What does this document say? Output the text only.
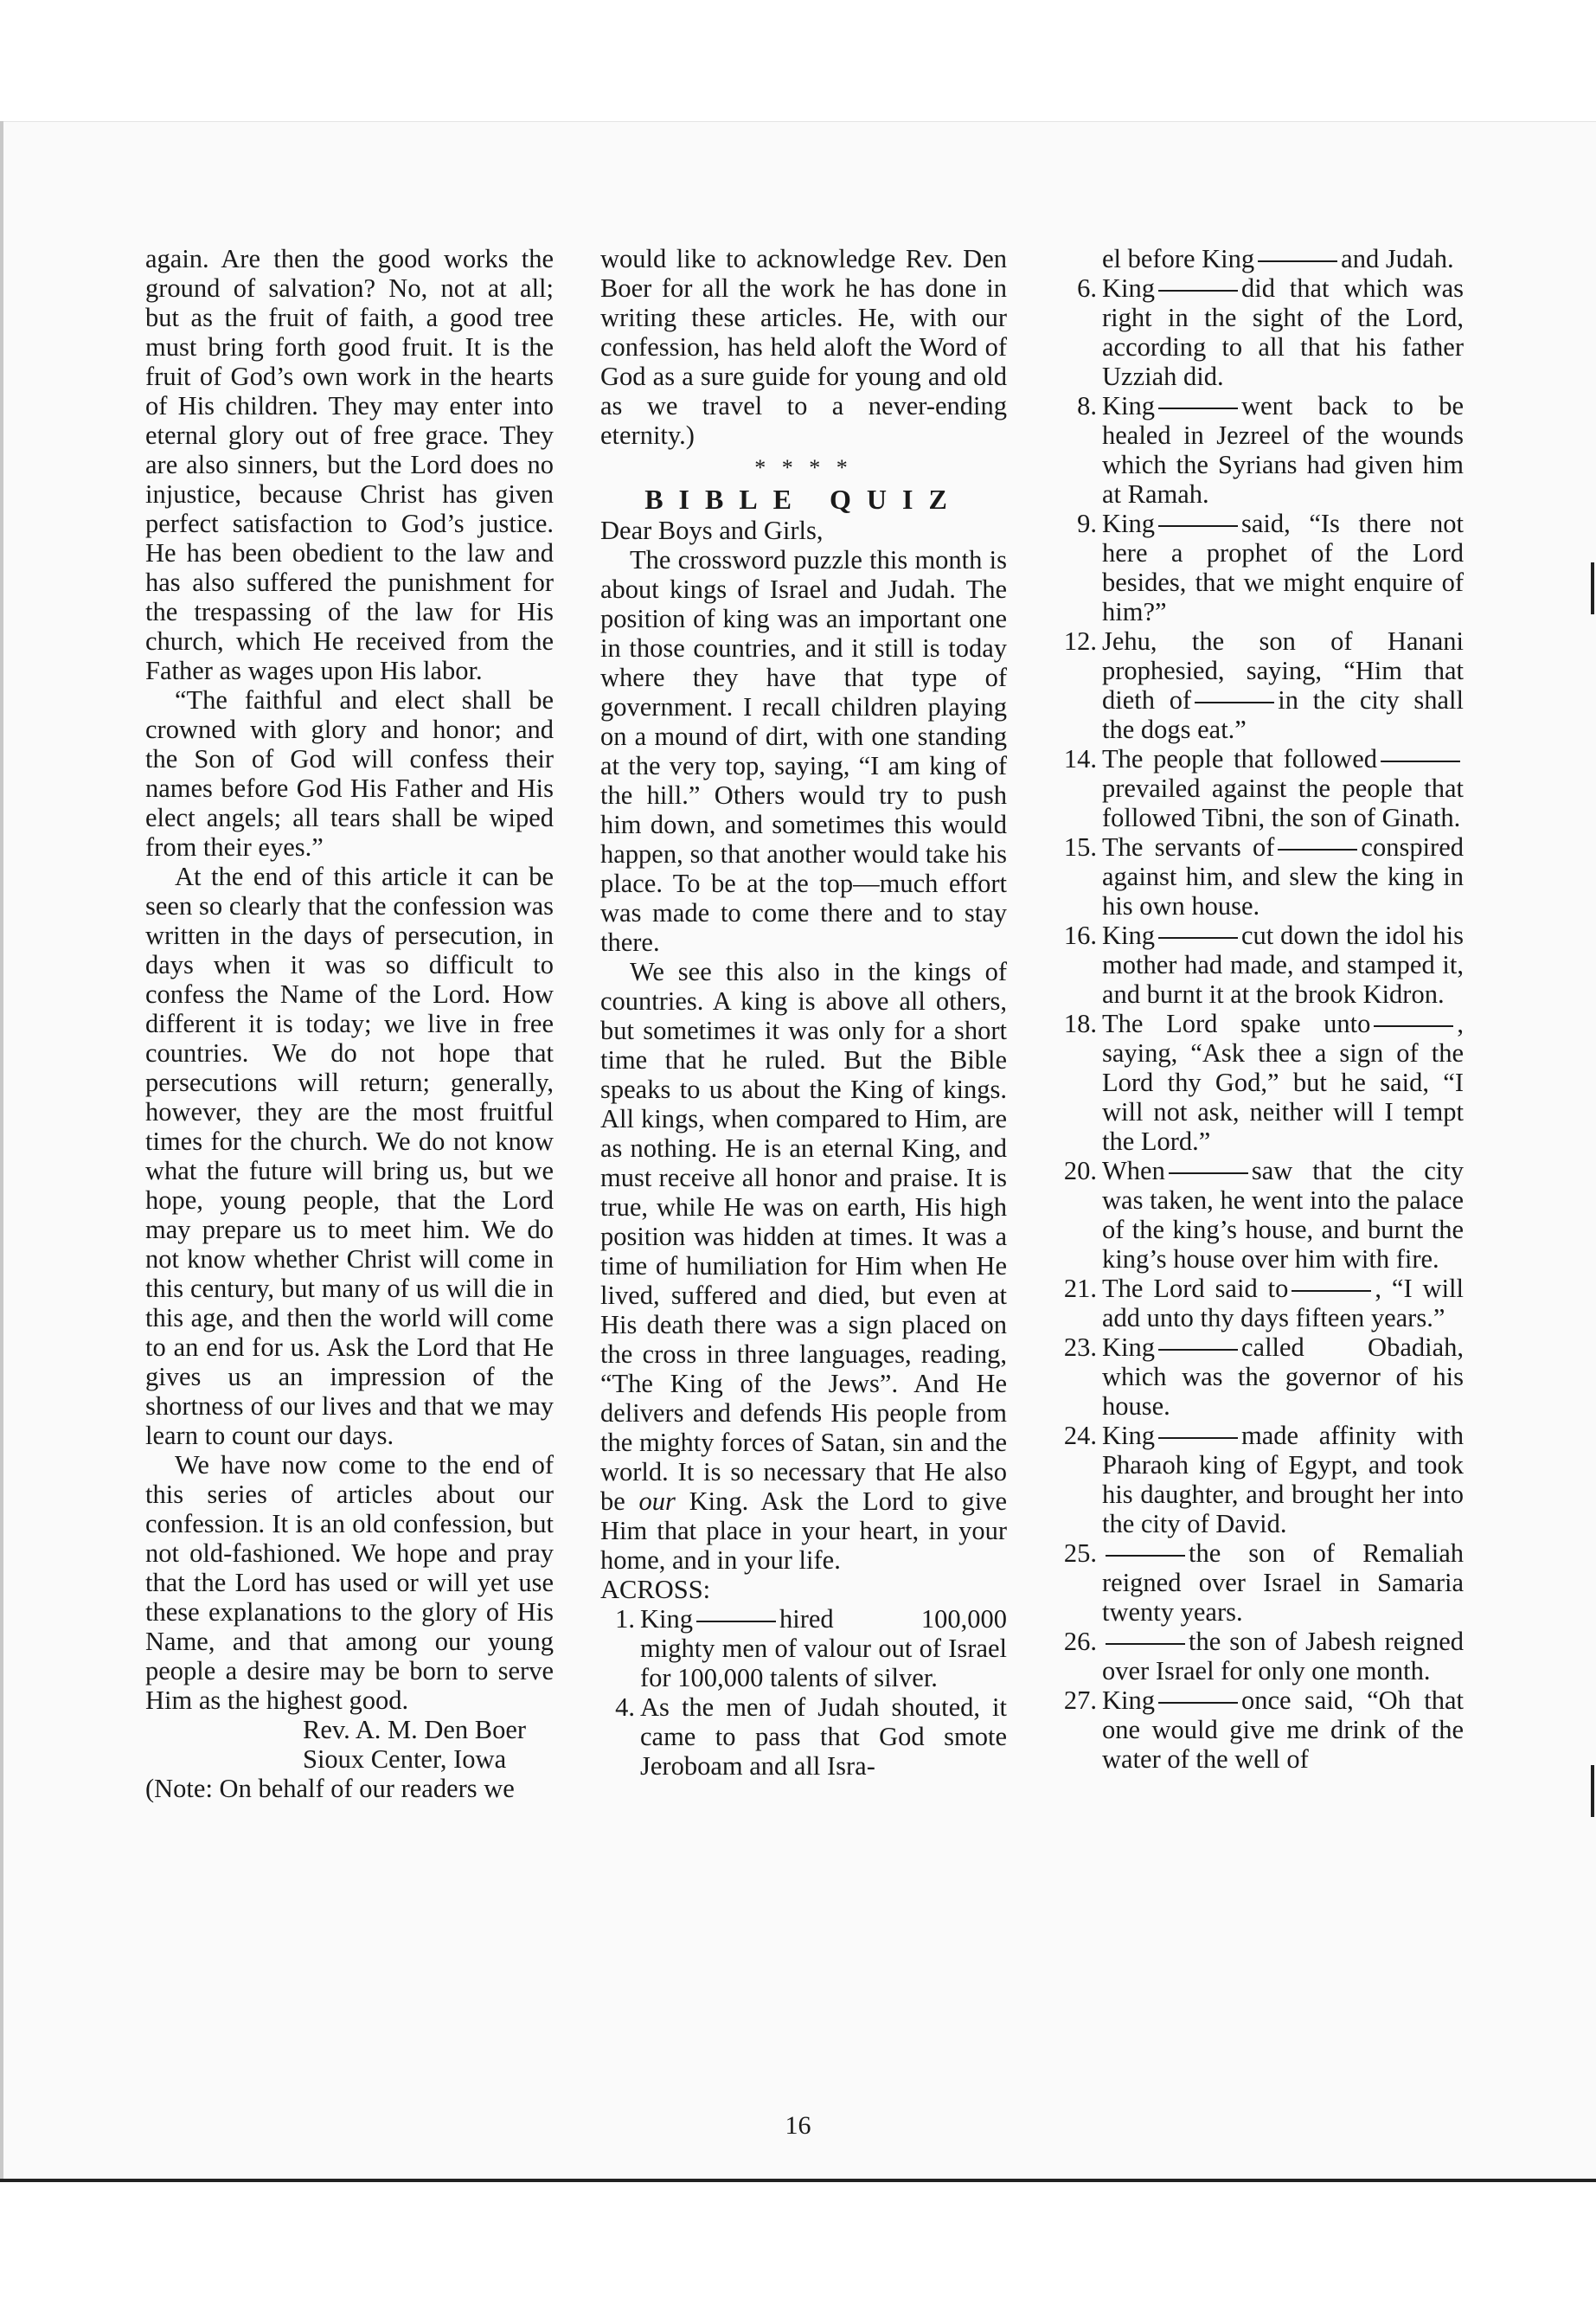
again. Are then the good works the ground of salvation? No, not at all; but as the fruit of faith, a good tree must bring forth good fruit. It is the fruit of God’s own work in the hearts of His children. They may enter into eternal glory out of free grace. They are also sinners, but the Lord does no injustice, because Christ has given perfect satisfaction to God’s justice. He has been obedient to the law and has also suffered the punishment for the trespassing of the law for His church, which He received from the Father as wages upon His labor.

“The faithful and elect shall be crowned with glory and honor; and the Son of God will confess their names before God His Father and His elect angels; all tears shall be wiped from their eyes.”

At the end of this article it can be seen so clearly that the confession was written in the days of persecution, in days when it was so difficult to confess the Name of the Lord. How different it is today; we live in free countries. We do not hope that persecutions will return; generally, however, they are the most fruitful times for the church. We do not know what the future will bring us, but we hope, young people, that the Lord may prepare us to meet him. We do not know whether Christ will come in this century, but many of us will die in this age, and then the world will come to an end for us. Ask the Lord that He gives us an impression of the shortness of our lives and that we may learn to count our days.

We have now come to the end of this series of articles about our confession. It is an old confession, but not old-fashioned. We hope and pray that the Lord has used or will yet use these explanations to the glory of His Name, and that among our young people a desire may be born to serve Him as the highest good.

Rev. A. M. Den Boer

Sioux Center, Iowa

(Note: On behalf of our readers we

would like to acknowledge Rev. Den Boer for all the work he has done in writing these articles. He, with our confession, has held aloft the Word of God as a sure guide for young and old as we travel to a never-ending eternity.)

* * * *
BIBLE QUIZ

Dear Boys and Girls,

The crossword puzzle this month is about kings of Israel and Judah. The position of king was an important one in those countries, and it still is today where they have that type of government. I recall children playing on a mound of dirt, with one standing at the very top, saying, “I am king of the hill.” Others would try to push him down, and sometimes this would happen, so that another would take his place. To be at the top—much effort was made to come there and to stay there.

We see this also in the kings of countries. A king is above all others, but sometimes it was only for a short time that he ruled. But the Bible speaks to us about the King of kings. All kings, when compared to Him, are as nothing. He is an eternal King, and must receive all honor and praise. It is true, while He was on earth, His high position was hidden at times. It was a time of humiliation for Him when He lived, suffered and died, but even at His death there was a sign placed on the cross in three languages, reading, “The King of the Jews”. And He delivers and defends His people from the mighty forces of Satan, sin and the world. It is so necessary that He also be our King. Ask the Lord to give Him that place in your heart, in your home, and in your life.

ACROSS:

1. King	hired 100,000 mighty men of valour out of Israel for 100,000 talents of silver.
4. As the men of Judah shouted, it came to pass that God smote Jeroboam and all Isra-
el before King	and Judah.
6. King	did that which was right in the sight of the Lord, according to all that his father Uzziah did.
8. King	went back to be healed in Jezreel of the wounds which the Syrians had given him at Ramah.
9. King	said, “Is there not here a prophet of the Lord besides, that we might enquire of him?”
12. Jehu, the son of Hanani prophesied, saying, “Him that dieth of	in the city shall the dogs eat.”
14. The people that followedprevailed against the people that followed Tibni, the son of Ginath.
15. The servants of	conspired against him, and slew the king in his own house.
16. King	cut down the idol his mother had made, and stamped it, and burnt it at the brook Kidron.
18. The Lord spake unto	, saying, “Ask thee a sign of the Lord thy God,” but he said, “I will not ask, neither will I tempt the Lord.”
20. When	saw that the city was taken, he went into the palace of the king’s house, and burnt the king’s house over him with fire.
21. The Lord said to	, “I will add unto thy days fifteen years.”
23. King	called Obadiah, which was the governor of his house.
24. King	made affinity with Pharaoh king of Egypt, and took his daughter, and brought her into the city of David.
25.	the son of Remaliah reigned over Israel in Samaria twenty years.
26.	the son of Jabesh reigned over Israel for only one month.
27. King	once said, “Oh that one would give me drink of the water of the well of
16
